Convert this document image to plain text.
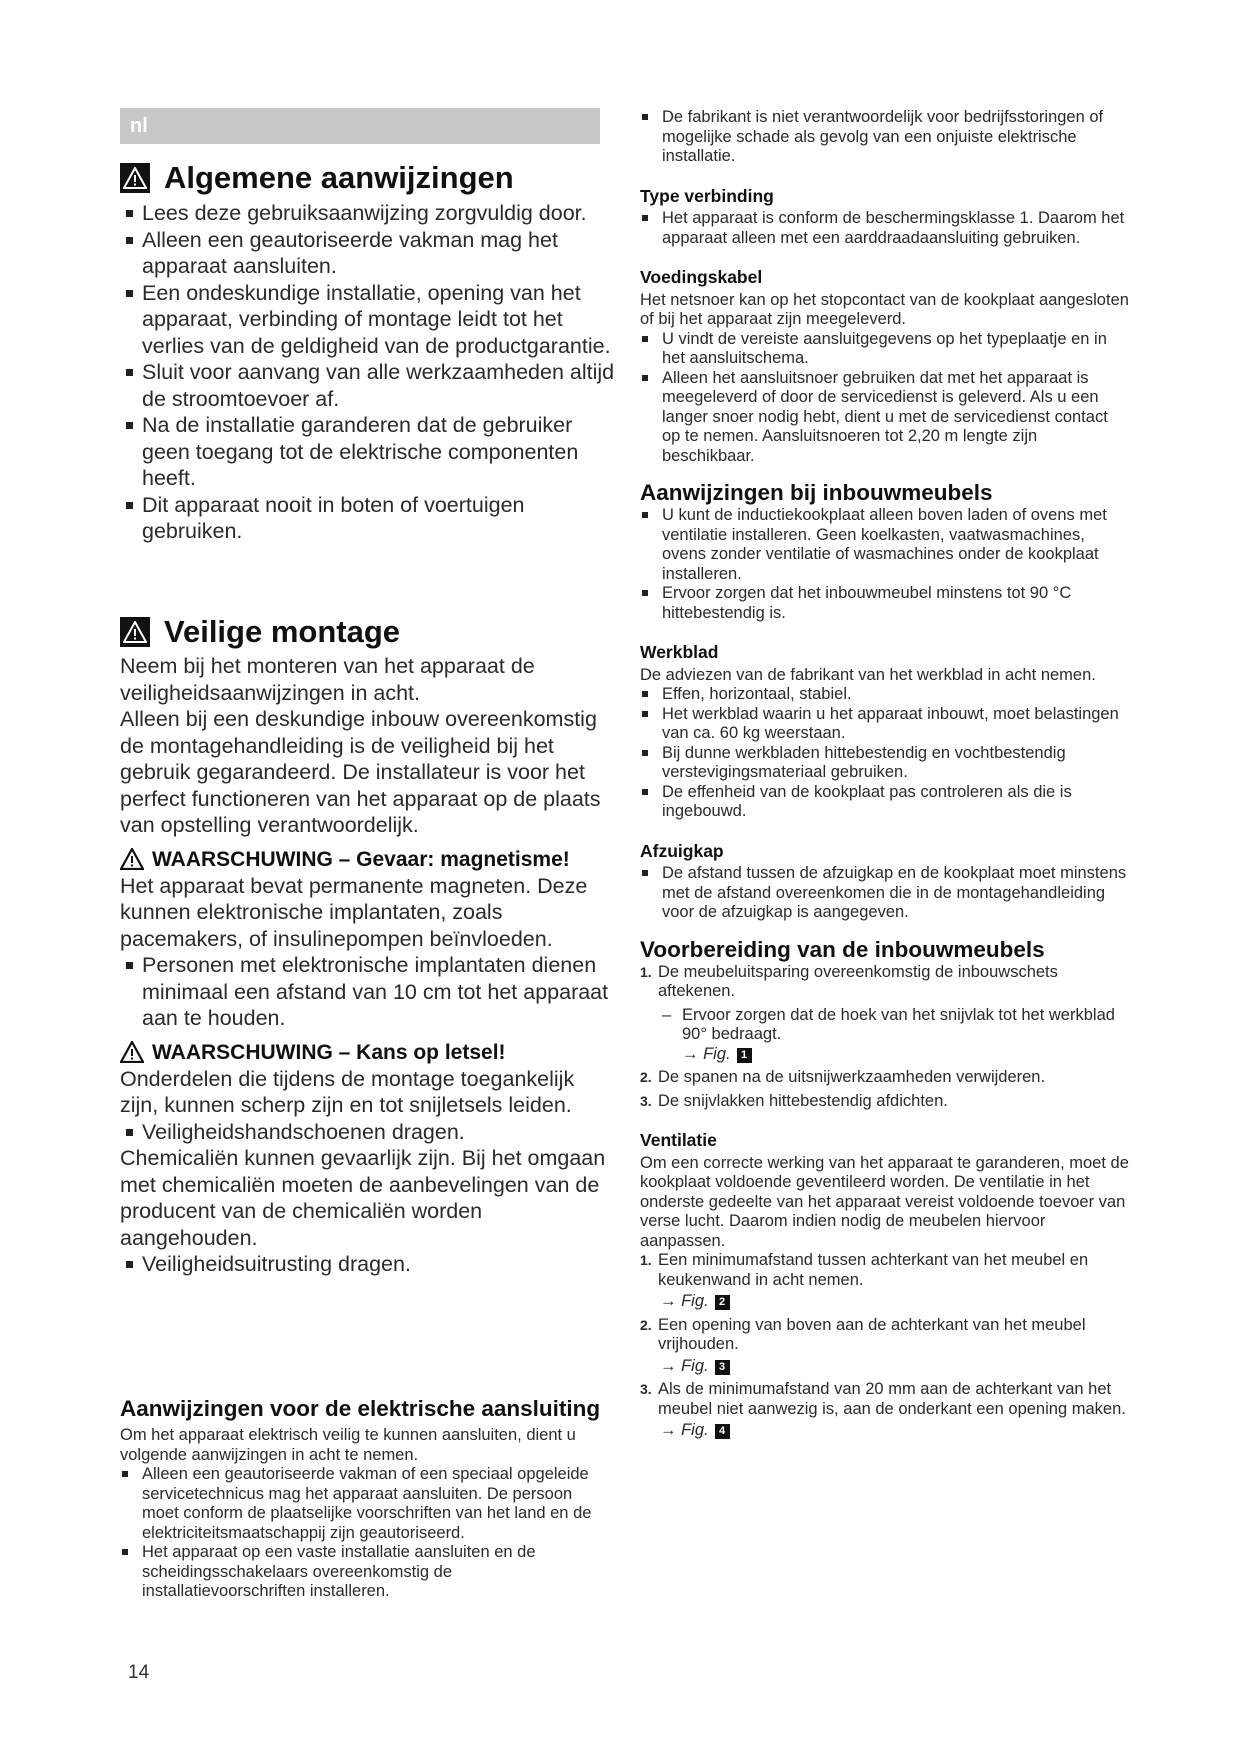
nl
Algemene aanwijzingen
Lees deze gebruiksaanwijzing zorgvuldig door.
Alleen een geautoriseerde vakman mag het apparaat aansluiten.
Een ondeskundige installatie, opening van het apparaat, verbinding of montage leidt tot het verlies van de geldigheid van de productgarantie.
Sluit voor aanvang van alle werkzaamheden altijd de stroomtoevoer af.
Na de installatie garanderen dat de gebruiker geen toegang tot de elektrische componenten heeft.
Dit apparaat nooit in boten of voertuigen gebruiken.
Veilige montage

Neem bij het monteren van het apparaat de veiligheidsaanwijzingen in acht.

Alleen bij een deskundige inbouw overeenkomstig de montagehandleiding is de veiligheid bij het gebruik gegarandeerd. De installateur is voor het perfect functioneren van het apparaat op de plaats van opstelling verantwoordelijk.

WAARSCHUWING – Gevaar: magnetisme!

Het apparaat bevat permanente magneten. Deze kunnen elektronische implantaten, zoals pacemakers, of insulinepompen beïnvloeden.

Personen met elektronische implantaten dienen minimaal een afstand van 10 cm tot het apparaat aan te houden.
WAARSCHUWING – Kans op letsel!

Onderdelen die tijdens de montage toegankelijk zijn, kunnen scherp zijn en tot snijletsels leiden.

Veiligheidshandschoenen dragen.

Chemicaliën kunnen gevaarlijk zijn. Bij het omgaan met chemicaliën moeten de aanbevelingen van de producent van de chemicaliën worden aangehouden.

Veiligheidsuitrusting dragen.
Aanwijzingen voor de elektrische aansluiting

Om het apparaat elektrisch veilig te kunnen aansluiten, dient u volgende aanwijzingen in acht te nemen.

Alleen een geautoriseerde vakman of een speciaal opgeleide servicetechnicus mag het apparaat aansluiten. De persoon moet conform de plaatselijke voorschriften van het land en de elektriciteitsmaatschappij zijn geautoriseerd.
Het apparaat op een vaste installatie aansluiten en de scheidingsschakelaars overeenkomstig de installatievoorschriften installeren.
14
De fabrikant is niet verantwoordelijk voor bedrijfsstoringen of mogelijke schade als gevolg van een onjuiste elektrische installatie.
Type verbinding
Het apparaat is conform de beschermingsklasse 1. Daarom het apparaat alleen met een aarddraadaansluiting gebruiken.
Voedingskabel

Het netsnoer kan op het stopcontact van de kookplaat aangesloten of bij het apparaat zijn meegeleverd.

U vindt de vereiste aansluitgegevens op het typeplaatje en in het aansluitschema.
Alleen het aansluitsnoer gebruiken dat met het apparaat is meegeleverd of door de servicedienst is geleverd. Als u een langer snoer nodig hebt, dient u met de servicedienst contact op te nemen. Aansluitsnoeren tot 2,20 m lengte zijn beschikbaar.
Aanwijzingen bij inbouwmeubels
U kunt de inductiekookplaat alleen boven laden of ovens met ventilatie installeren. Geen koelkasten, vaatwasmachines, ovens zonder ventilatie of wasmachines onder de kookplaat installeren.
Ervoor zorgen dat het inbouwmeubel minstens tot 90 °C hittebestendig is.
Werkblad

De adviezen van de fabrikant van het werkblad in acht nemen.

Effen, horizontaal, stabiel.
Het werkblad waarin u het apparaat inbouwt, moet belastingen van ca. 60 kg weerstaan.
Bij dunne werkbladen hittebestendig en vochtbestendig verstevigingsmateriaal gebruiken.
De effenheid van de kookplaat pas controleren als die is ingebouwd.
Afzuigkap
De afstand tussen de afzuigkap en de kookplaat moet minstens met de afstand overeenkomen die in de montagehandleiding voor de afzuigkap is aangegeven.
Voorbereiding van de inbouwmeubels
1. De meubeluitsparing overeenkomstig de inbouwschets aftekenen.
– Ervoor zorgen dat de hoek van het snijvlak tot het werkblad 90° bedraagt.
→ Fig. 1
2. De spanen na de uitsnijwerkzaamheden verwijderen.
3. De snijvlakken hittebestendig afdichten.
Ventilatie

Om een correcte werking van het apparaat te garanderen, moet de kookplaat voldoende geventileerd worden. De ventilatie in het onderste gedeelte van het apparaat vereist voldoende toevoer van verse lucht. Daarom indien nodig de meubelen hiervoor aanpassen.

1. Een minimumafstand tussen achterkant van het meubel en keukenwand in acht nemen.
→ Fig. 2
2. Een opening van boven aan de achterkant van het meubel vrijhouden.
→ Fig. 3
3. Als de minimumafstand van 20 mm aan de achterkant van het meubel niet aanwezig is, aan de onderkant een opening maken.
→ Fig. 4
